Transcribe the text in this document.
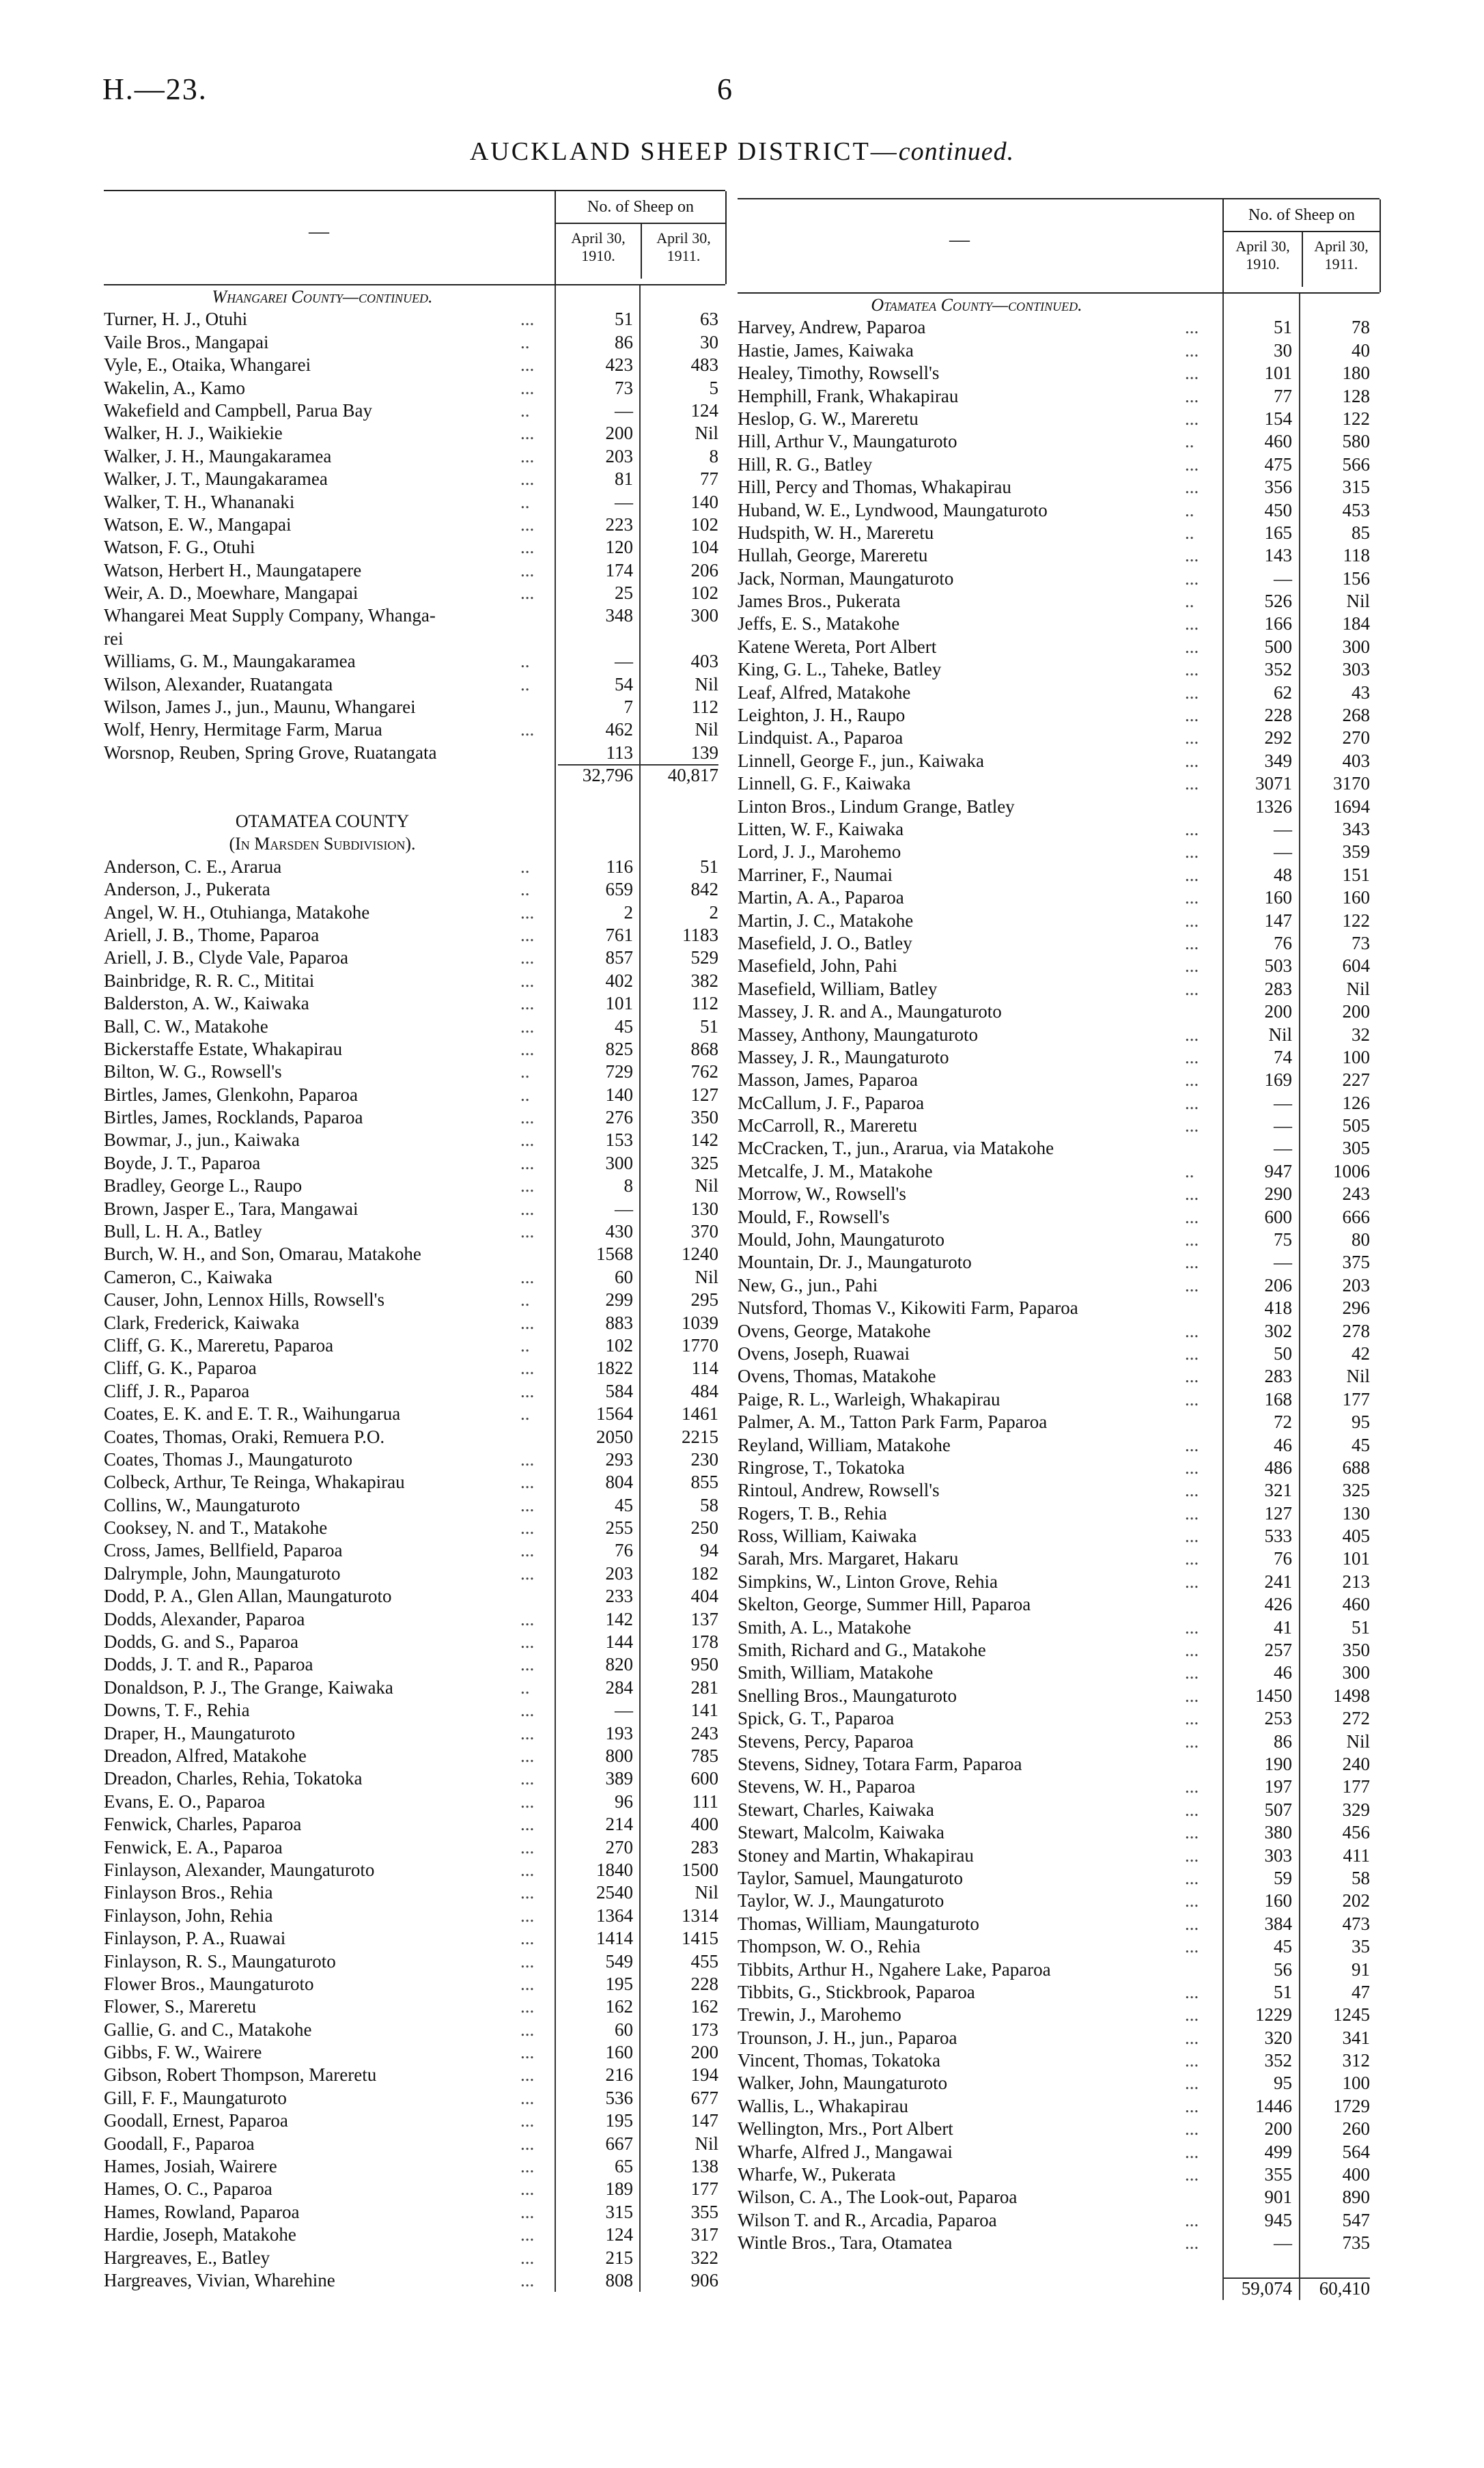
H.—23.	6
AUCKLAND SHEEP DISTRICT—continued.
—
No. of Sheep on
April 30, 1910.
April 30, 1911.
Whangarei County—continued.
Turner, H. J., Otuhi	...	51	63
Vaile Bros., Mangapai	..	86	30
Vyle, E., Otaika, Whangarei	...	423	483
Wakelin, A., Kamo	...	73	5
Wakefield and Campbell, Parua Bay	..	—	124
Walker, H. J., Waikiekie	...	200	Nil
Walker, J. H., Maungakaramea	...	203	8
Walker, J. T., Maungakaramea	...	81	77
Walker, T. H., Whananaki	..	—	140
Watson, E. W., Mangapai	...	223	102
Watson, F. G., Otuhi	...	120	104
Watson, Herbert H., Maungatapere	...	174	206
Weir, A. D., Moewhare, Mangapai	...	25	102
Whangarei Meat Supply Company, Whanga-	348	300
rei
Williams, G. M., Maungakaramea	..	—	403
Wilson, Alexander, Ruatangata	..	54	Nil
Wilson, James J., jun., Maunu, Whangarei	7	112
Wolf, Henry, Hermitage Farm, Marua	...	462	Nil
Worsnop, Reuben, Spring Grove, Ruatangata	113	139
32,796	40,817
OTAMATEA COUNTY
(In Marsden Subdivision).
Anderson, C. E., Ararua	..	116	51
Anderson, J., Pukerata	..	659	842
Angel, W. H., Otuhianga, Matakohe	...	2	2
Ariell, J. B., Thome, Paparoa	...	761	1183
Ariell, J. B., Clyde Vale, Paparoa	...	857	529
Bainbridge, R. R. C., Mititai	...	402	382
Balderston, A. W., Kaiwaka	...	101	112
Ball, C. W., Matakohe	...	45	51
Bickerstaffe Estate, Whakapirau	...	825	868
Bilton, W. G., Rowsell's	..	729	762
Birtles, James, Glenkohn, Paparoa	..	140	127
Birtles, James, Rocklands, Paparoa	...	276	350
Bowmar, J., jun., Kaiwaka	...	153	142
Boyde, J. T., Paparoa	...	300	325
Bradley, George L., Raupo	...	8	Nil
Brown, Jasper E., Tara, Mangawai	...	—	130
Bull, L. H. A., Batley	...	430	370
Burch, W. H., and Son, Omarau, Matakohe	1568	1240
Cameron, C., Kaiwaka	...	60	Nil
Causer, John, Lennox Hills, Rowsell's	..	299	295
Clark, Frederick, Kaiwaka	...	883	1039
Cliff, G. K., Mareretu, Paparoa	..	102	1770
Cliff, G. K., Paparoa	...	1822	114
Cliff, J. R., Paparoa	...	584	484
Coates, E. K. and E. T. R., Waihungarua	..	1564	1461
Coates, Thomas, Oraki, Remuera P.O.	2050	2215
Coates, Thomas J., Maungaturoto	...	293	230
Colbeck, Arthur, Te Reinga, Whakapirau	...	804	855
Collins, W., Maungaturoto	...	45	58
Cooksey, N. and T., Matakohe	...	255	250
Cross, James, Bellfield, Paparoa	...	76	94
Dalrymple, John, Maungaturoto	...	203	182
Dodd, P. A., Glen Allan, Maungaturoto	233	404
Dodds, Alexander, Paparoa	...	142	137
Dodds, G. and S., Paparoa	...	144	178
Dodds, J. T. and R., Paparoa	...	820	950
Donaldson, P. J., The Grange, Kaiwaka	..	284	281
Downs, T. F., Rehia	...	—	141
Draper, H., Maungaturoto	...	193	243
Dreadon, Alfred, Matakohe	...	800	785
Dreadon, Charles, Rehia, Tokatoka	...	389	600
Evans, E. O., Paparoa	...	96	111
Fenwick, Charles, Paparoa	...	214	400
Fenwick, E. A., Paparoa	...	270	283
Finlayson, Alexander, Maungaturoto	...	1840	1500
Finlayson Bros., Rehia	...	2540	Nil
Finlayson, John, Rehia	...	1364	1314
Finlayson, P. A., Ruawai	...	1414	1415
Finlayson, R. S., Maungaturoto	...	549	455
Flower Bros., Maungaturoto	...	195	228
Flower, S., Mareretu	...	162	162
Gallie, G. and C., Matakohe	...	60	173
Gibbs, F. W., Wairere	...	160	200
Gibson, Robert Thompson, Mareretu	...	216	194
Gill, F. F., Maungaturoto	...	536	677
Goodall, Ernest, Paparoa	...	195	147
Goodall, F., Paparoa	...	667	Nil
Hames, Josiah, Wairere	...	65	138
Hames, O. C., Paparoa	...	189	177
Hames, Rowland, Paparoa	...	315	355
Hardie, Joseph, Matakohe	...	124	317
Hargreaves, E., Batley	...	215	322
Hargreaves, Vivian, Wharehine	...	808	906
—
No. of Sheep on
April 30, 1910.
April 30, 1911.
Otamatea County—continued.
Harvey, Andrew, Paparoa	...	51	78
Hastie, James, Kaiwaka	...	30	40
Healey, Timothy, Rowsell's	...	101	180
Hemphill, Frank, Whakapirau	...	77	128
Heslop, G. W., Mareretu	...	154	122
Hill, Arthur V., Maungaturoto	..	460	580
Hill, R. G., Batley	...	475	566
Hill, Percy and Thomas, Whakapirau	...	356	315
Huband, W. E., Lyndwood, Maungaturoto	..	450	453
Hudspith, W. H., Mareretu	..	165	85
Hullah, George, Mareretu	...	143	118
Jack, Norman, Maungaturoto	...	—	156
James Bros., Pukerata	..	526	Nil
Jeffs, E. S., Matakohe	...	166	184
Katene Wereta, Port Albert	...	500	300
King, G. L., Taheke, Batley	...	352	303
Leaf, Alfred, Matakohe	...	62	43
Leighton, J. H., Raupo	...	228	268
Lindquist. A., Paparoa	...	292	270
Linnell, George F., jun., Kaiwaka	...	349	403
Linnell, G. F., Kaiwaka	...	3071	3170
Linton Bros., Lindum Grange, Batley	1326	1694
Litten, W. F., Kaiwaka	...	—	343
Lord, J. J., Marohemo	...	—	359
Marriner, F., Naumai	...	48	151
Martin, A. A., Paparoa	...	160	160
Martin, J. C., Matakohe	...	147	122
Masefield, J. O., Batley	...	76	73
Masefield, John, Pahi	...	503	604
Masefield, William, Batley	...	283	Nil
Massey, J. R. and A., Maungaturoto	200	200
Massey, Anthony, Maungaturoto	...	Nil	32
Massey, J. R., Maungaturoto	...	74	100
Masson, James, Paparoa	...	169	227
McCallum, J. F., Paparoa	...	—	126
McCarroll, R., Mareretu	...	—	505
McCracken, T., jun., Ararua, via Matakohe	—	305
Metcalfe, J. M., Matakohe	..	947	1006
Morrow, W., Rowsell's	...	290	243
Mould, F., Rowsell's	...	600	666
Mould, John, Maungaturoto	...	75	80
Mountain, Dr. J., Maungaturoto	...	—	375
New, G., jun., Pahi	...	206	203
Nutsford, Thomas V., Kikowiti Farm, Paparoa	418	296
Ovens, George, Matakohe	...	302	278
Ovens, Joseph, Ruawai	...	50	42
Ovens, Thomas, Matakohe	...	283	Nil
Paige, R. L., Warleigh, Whakapirau	...	168	177
Palmer, A. M., Tatton Park Farm, Paparoa	72	95
Reyland, William, Matakohe	...	46	45
Ringrose, T., Tokatoka	...	486	688
Rintoul, Andrew, Rowsell's	...	321	325
Rogers, T. B., Rehia	...	127	130
Ross, William, Kaiwaka	...	533	405
Sarah, Mrs. Margaret, Hakaru	...	76	101
Simpkins, W., Linton Grove, Rehia	...	241	213
Skelton, George, Summer Hill, Paparoa	426	460
Smith, A. L., Matakohe	...	41	51
Smith, Richard and G., Matakohe	...	257	350
Smith, William, Matakohe	...	46	300
Snelling Bros., Maungaturoto	...	1450	1498
Spick, G. T., Paparoa	...	253	272
Stevens, Percy, Paparoa	...	86	Nil
Stevens, Sidney, Totara Farm, Paparoa	190	240
Stevens, W. H., Paparoa	...	197	177
Stewart, Charles, Kaiwaka	...	507	329
Stewart, Malcolm, Kaiwaka	...	380	456
Stoney and Martin, Whakapirau	...	303	411
Taylor, Samuel, Maungaturoto	...	59	58
Taylor, W. J., Maungaturoto	...	160	202
Thomas, William, Maungaturoto	...	384	473
Thompson, W. O., Rehia	...	45	35
Tibbits, Arthur H., Ngahere Lake, Paparoa	56	91
Tibbits, G., Stickbrook, Paparoa	...	51	47
Trewin, J., Marohemo	...	1229	1245
Trounson, J. H., jun., Paparoa	...	320	341
Vincent, Thomas, Tokatoka	...	352	312
Walker, John, Maungaturoto	...	95	100
Wallis, L., Whakapirau	...	1446	1729
Wellington, Mrs., Port Albert	...	200	260
Wharfe, Alfred J., Mangawai	...	499	564
Wharfe, W., Pukerata	...	355	400
Wilson, C. A., The Look-out, Paparoa	901	890
Wilson T. and R., Arcadia, Paparoa	...	945	547
Wintle Bros., Tara, Otamatea	...	—	735
59,074	60,410
